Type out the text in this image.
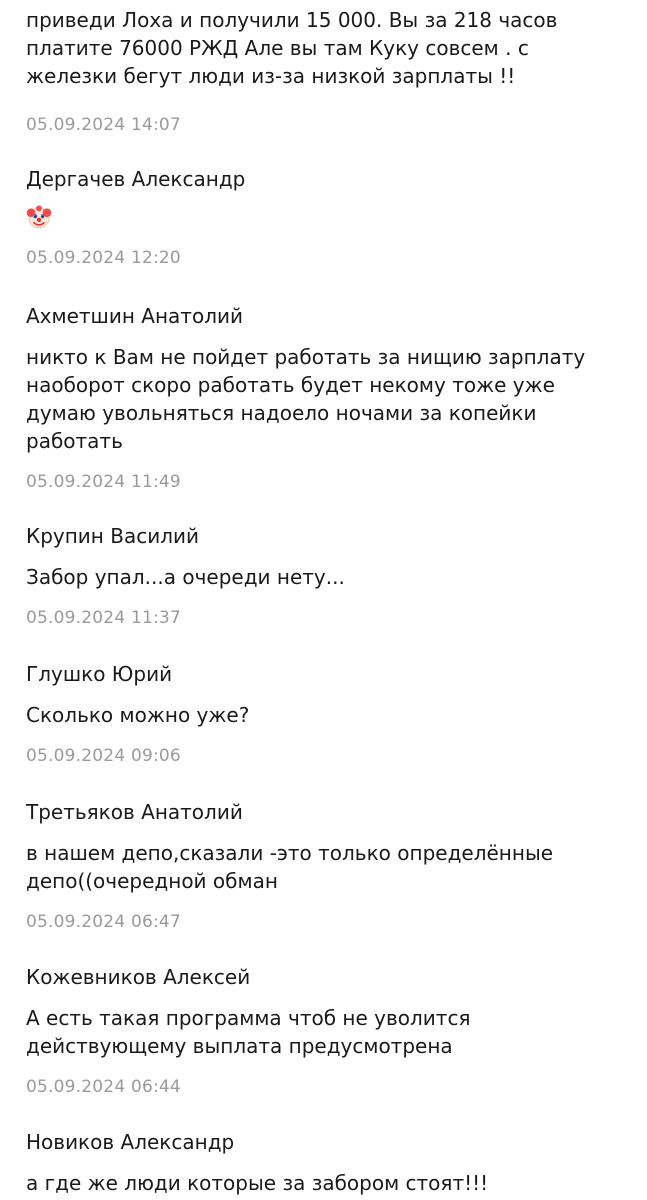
приведи Лоха и получили 15 000. Вы за 218 часов
платите 76000 РЖД Але вы там Куку совсем . с
железки бегут люди из-за низкой зарплаты !!

05.09.2024 14:07

Дергачев Александр

05.09.2024 12:20

Ахметшин Анатолий

никто к Вам не пойдет работать за нищию зарплату
наоборот скоро работать будет некому тоже уже
думаю увольняться надоело ночами за копейки
работать

05.09.2024 11:49

Крупин Василий

Забор упал...а очереди нету...

05.09.2024 11:37

Глушко Юрий

Сколько можно уже?

05.09.2024 09:06

Третьяков Анатолий

в нашем депо,сказали -это только определённые
депо((очередной обман

05.09.2024 06:47

Кожевников Алексей

А есть такая программа чтоб не уволится
действующему выплата предусмотрена

05.09.2024 06:44

Новиков Александр

а где же люди которые за забором стоят!!!
